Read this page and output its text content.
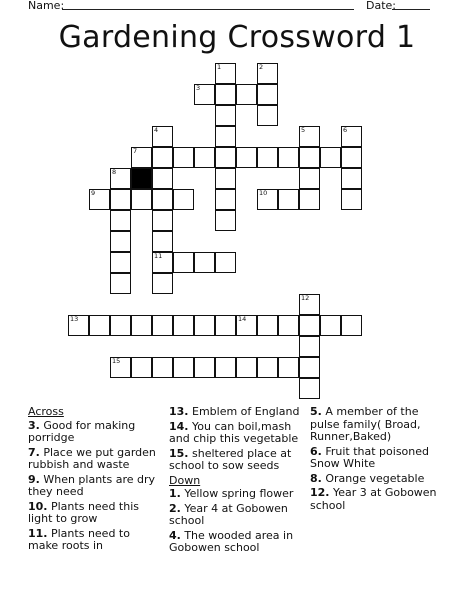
Name:	Date:
Gardening Crossword 1
1	2
3
4	5	6
7
8
9	10
11
12
13	14
15
Across
3. Good for making porridge
7. Place we put garden rubbish and waste
9. When plants are dry they need
10. Plants need this light to grow
11. Plants need to make roots in
13. Emblem of England
14. You can boil,mash and chip this vegetable
15. sheltered place at school to sow seeds
Down
1. Yellow spring flower
2. Year 4 at Gobowen school
4. The wooded area in Gobowen school
5. A member of the pulse family( Broad, Runner,Baked)
6. Fruit that poisoned Snow White
8. Orange vegetable
12. Year 3 at Gobowen school
